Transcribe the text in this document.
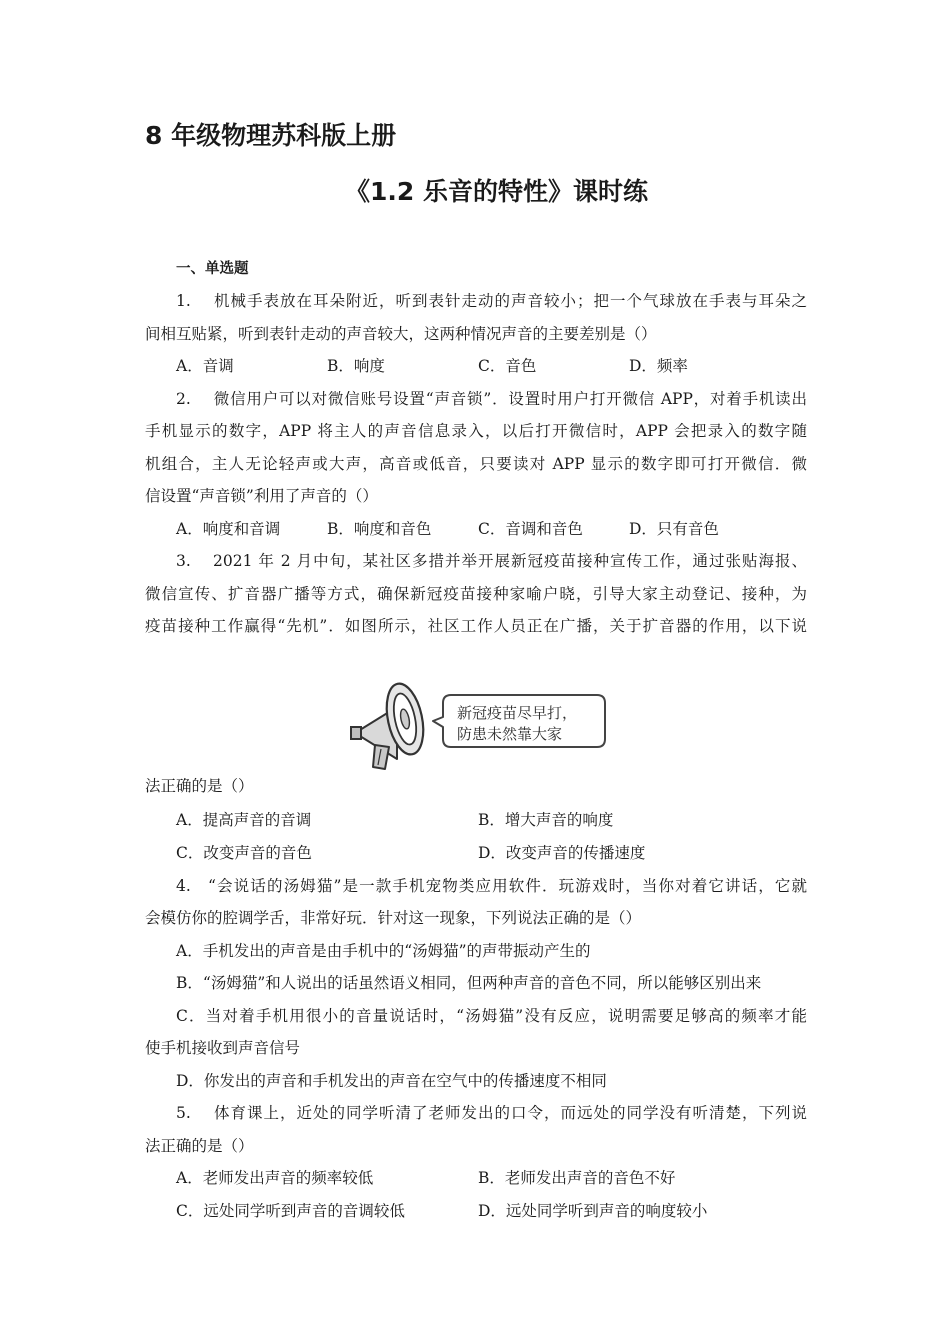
8 年级物理苏科版上册
《1.2 乐音的特性》课时练
一、单选题
1. 机械手表放在耳朵附近，听到表针走动的声音较小；把一个气球放在手表与耳朵之
间相互贴紧，听到表针走动的声音较大，这两种情况声音的主要差别是（）
A．音调	B．响度	C．音色	D．频率
2. 微信用户可以对微信账号设置“声音锁”．设置时用户打开微信 APP，对着手机读出
手机显示的数字，APP 将主人的声音信息录入，以后打开微信时，APP 会把录入的数字随
机组合，主人无论轻声或大声，高音或低音，只要读对 APP 显示的数字即可打开微信．微
信设置“声音锁”利用了声音的（）
A．响度和音调	B．响度和音色	C．音调和音色	D．只有音色
3. 2021 年 2 月中旬，某社区多措并举开展新冠疫苗接种宣传工作，通过张贴海报、
微信宣传、扩音器广播等方式，确保新冠疫苗接种家喻户晓，引导大家主动登记、接种，为
疫苗接种工作赢得“先机”．如图所示，社区工作人员正在广播，关于扩音器的作用，以下说
新冠疫苗尽早打，
防患未然靠大家
法正确的是（）
A．提高声音的音调	B．增大声音的响度
C．改变声音的音色	D．改变声音的传播速度
4. “会说话的汤姆猫”是一款手机宠物类应用软件．玩游戏时，当你对着它讲话，它就
会模仿你的腔调学舌，非常好玩．针对这一现象，下列说法正确的是（）
A．手机发出的声音是由手机中的“汤姆猫”的声带振动产生的
B．“汤姆猫”和人说出的话虽然语义相同，但两种声音的音色不同，所以能够区别出来
C．当对着手机用很小的音量说话时，“汤姆猫”没有反应，说明需要足够高的频率才能
使手机接收到声音信号
D．你发出的声音和手机发出的声音在空气中的传播速度不相同
5. 体育课上，近处的同学听清了老师发出的口令，而远处的同学没有听清楚，下列说
法正确的是（）
A．老师发出声音的频率较低	B．老师发出声音的音色不好
C．远处同学听到声音的音调较低	D．远处同学听到声音的响度较小
